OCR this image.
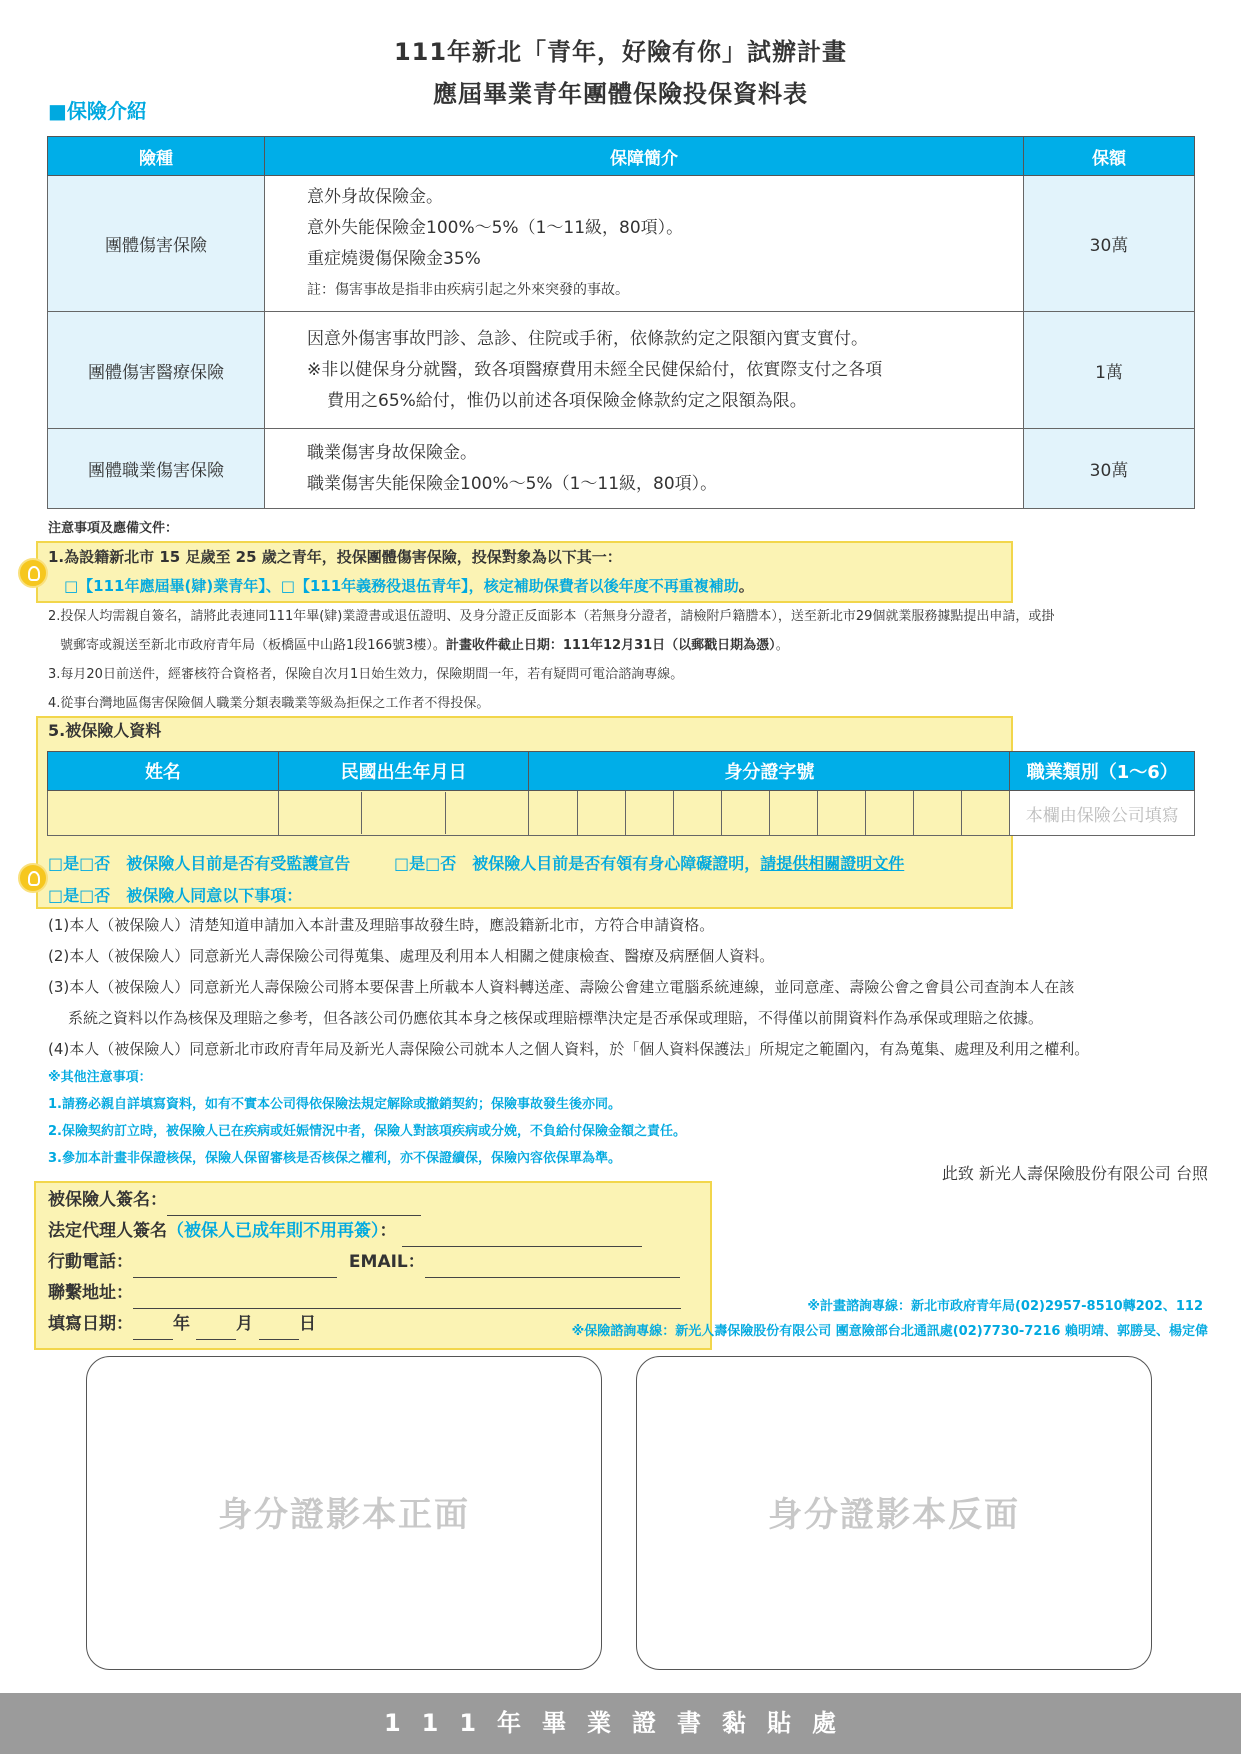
111年新北「青年，好險有你」試辦計畫
應屆畢業青年團體保險投保資料表
■保險介紹
險種	保障簡介	保額
團體傷害保險	意外身故保險金。
意外失能保險金100%〜5%（1〜11級，80項）。
重症燒燙傷保險金35%
註：傷害事故是指非由疾病引起之外來突發的事故。	30萬
團體傷害醫療保險	因意外傷害事故門診、急診、住院或手術，依條款約定之限額內實支實付。
※非以健保身分就醫，致各項醫療費用未經全民健保給付，依實際支付之各項
費用之65%給付，惟仍以前述各項保險金條款約定之限額為限。	1萬
團體職業傷害保險	職業傷害身故保險金。
職業傷害失能保險金100%〜5%（1〜11級，80項）。	30萬
注意事項及應備文件：
1.為設籍新北市 15 足歲至 25 歲之青年，投保團體傷害保險，投保對象為以下其一：
□【111年應屆畢(肄)業青年】、□【111年義務役退伍青年】，核定補助保費者以後年度不再重複補助。
2.投保人均需親自簽名，請將此表連同111年畢(肄)業證書或退伍證明、及身分證正反面影本（若無身分證者，請檢附戶籍謄本），送至新北市29個就業服務據點提出申請，或掛
號郵寄或親送至新北市政府青年局（板橋區中山路1段166號3樓）。計畫收件截止日期：111年12月31日（以郵戳日期為憑）。
3.每月20日前送件，經審核符合資格者，保險自次月1日始生效力，保險期間一年，若有疑問可電洽諮詢專線。
4.從事台灣地區傷害保險個人職業分類表職業等級為拒保之工作者不得投保。
5.被保險人資料
姓名	民國出生年月日	身分證字號										職業類別（1〜6）

											本欄由保險公司填寫
□是□否　被保險人目前是否有受監護宣告	□是□否　被保險人目前是否有領有身心障礙證明，請提供相關證明文件
□是□否　被保險人同意以下事項：
(1)本人（被保險人）清楚知道申請加入本計畫及理賠事故發生時，應設籍新北市，方符合申請資格。
(2)本人（被保險人）同意新光人壽保險公司得蒐集、處理及利用本人相關之健康檢查、醫療及病歷個人資料。
(3)本人（被保險人）同意新光人壽保險公司將本要保書上所載本人資料轉送產、壽險公會建立電腦系統連線，並同意產、壽險公會之會員公司查詢本人在該
系統之資料以作為核保及理賠之參考，但各該公司仍應依其本身之核保或理賠標準決定是否承保或理賠，不得僅以前開資料作為承保或理賠之依據。
(4)本人（被保險人）同意新北市政府青年局及新光人壽保險公司就本人之個人資料，於「個人資料保護法」所規定之範圍內，有為蒐集、處理及利用之權利。
※其他注意事項：
1.請務必親自詳填寫資料，如有不實本公司得依保險法規定解除或撤銷契約；保險事故發生後亦同。
2.保險契約訂立時，被保險人已在疾病或妊娠情況中者，保險人對該項疾病或分娩，不負給付保險金額之責任。
3.參加本計畫非保證核保，保險人保留審核是否核保之權利，亦不保證續保，保險內容依保單為準。
此致 新光人壽保險股份有限公司 台照
被保險人簽名：
法定代理人簽名（被保人已成年則不用再簽）：
行動電話：	EMAIL：
聯繫地址：
填寫日期： 年	月	日
※計畫諮詢專線：新北市政府青年局(02)2957-8510轉202、112
※保險諮詢專線：新光人壽保險股份有限公司 團意險部台北通訊處(02)7730-7216 賴明靖、郭勝旻、楊定偉
身分證影本正面	身分證影本反面
111年畢業證書黏貼處
